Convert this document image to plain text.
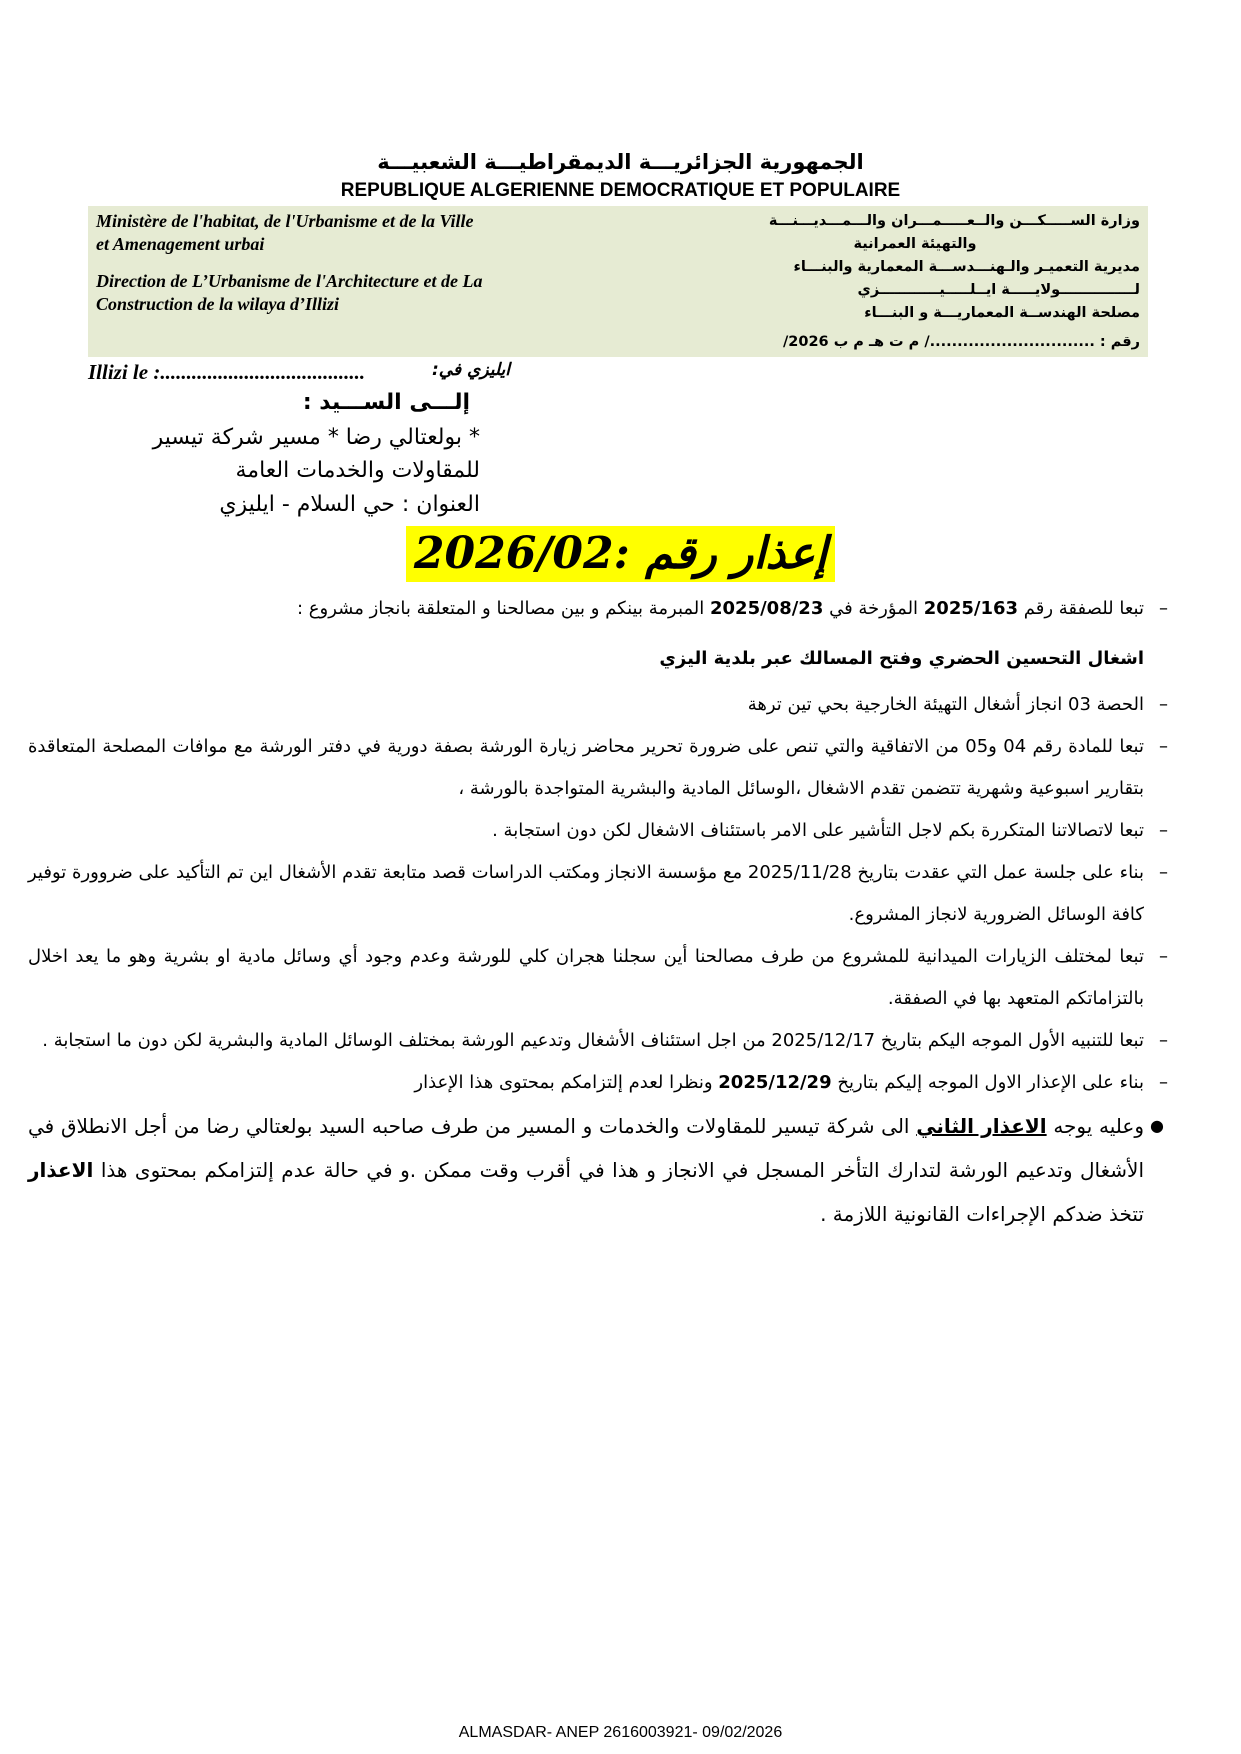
الجمهورية الجزائريـــة الديمقراطيـــة الشعبيـــة
REPUBLIQUE ALGERIENNE DEMOCRATIQUE ET POPULAIRE

Ministère de l'habitat, de l'Urbanisme et de la Ville

et Amenagement urbai

Direction de L’Urbanisme de l'Architecture et de La

Construction de la wilaya d’Illizi

وزارة الســـــكـــن والــعـــــمـــران والـــمـــديـــنـــة

والتهيئة العمرانية

مديرية التعميـر والـهنـــدســـة المعمارية والبنـــاء

لـــــــــــــــولايـــــة ايــلـــــيــــــــــــزي

مصلحة الهندســة المعماريـــة و البنـــاء

رقم : ............................../ م ت هـ م ب 2026/

Illizi le :.......................................	ايليزي في:
إلـــى الســـيد :
* بولعتالي رضا * مسير شركة تيسير
للمقاولات والخدمات العامة
العنوان : حي السلام - ايليزي
إعذار رقم :2026/02

–
تبعا للصفقة رقم 2025/163 المؤرخة في 2025/08/23 المبرمة بينكم و بين مصالحنا و المتعلقة بانجاز مشروع :

اشغال التحسين الحضري وفتح المسالك عبر بلدية اليزي

–
الحصة 03 انجاز أشغال التهيئة الخارجية بحي تين ترهة

–
تبعا للمادة رقم 04 و05 من الاتفاقية والتي تنص على ضرورة تحرير محاضر زيارة الورشة بصفة دورية في دفتر الورشة مع موافات المصلحة المتعاقدة بتقارير اسبوعية وشهرية تتضمن تقدم الاشغال ،الوسائل المادية والبشرية المتواجدة بالورشة ،

–
تبعا لاتصالاتنا المتكررة بكم لاجل التأشير على الامر باستئناف الاشغال لكن دون استجابة .

–
بناء على جلسة عمل التي عقدت بتاريخ 2025/11/28 مع مؤسسة الانجاز ومكتب الدراسات قصد متابعة تقدم الأشغال اين تم التأكيد على ضروورة توفير كافة الوسائل الضرورية لانجاز المشروع.

–
تبعا لمختلف الزيارات الميدانية للمشروع من طرف مصالحنا أين سجلنا هجران كلي للورشة وعدم وجود أي وسائل مادية او بشرية وهو ما يعد اخلال بالتزاماتكم المتعهد بها في الصفقة.

–
تبعا للتنبيه الأول الموجه اليكم بتاريخ 2025/12/17 من اجل استئناف الأشغال وتدعيم الورشة بمختلف الوسائل المادية والبشرية لكن دون ما استجابة .

–
بناء على الإعذار الاول الموجه إليكم بتاريخ 2025/12/29 ونظرا لعدم إلتزامكم بمحتوى هذا الإعذار

●
وعليه يوجه الاعذار الثاني الى شركة تيسير للمقاولات والخدمات و المسير من طرف صاحبه السيد بولعتالي رضا من أجل الانطلاق في الأشغال وتدعيم الورشة لتدارك التأخر المسجل في الانجاز و هذا في أقرب وقت ممكن .و في حالة عدم إلتزامكم بمحتوى هذا الاعذار تتخذ ضدكم الإجراءات القانونية اللازمة .

ALMASDAR- ANEP 2616003921- 09/02/2026
